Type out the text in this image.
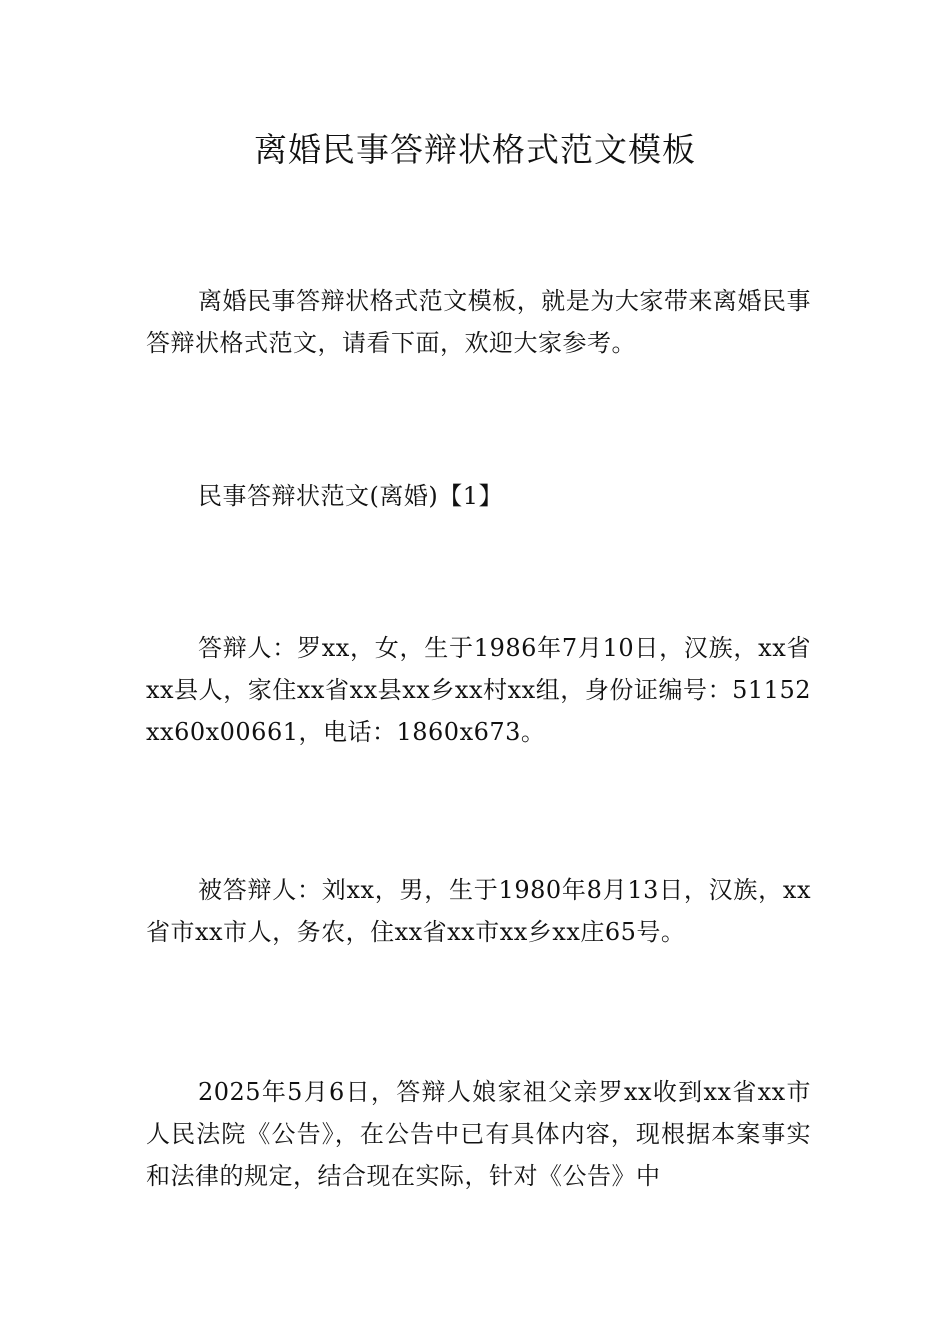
离婚民事答辩状格式范文模板

离婚民事答辩状格式范文模板，就是为大家带来离婚民事答辩状格式范文，请看下面，欢迎大家参考。

民事答辩状范文(离婚)【1】

答辩人：罗xx，女，生于1986年7月10日，汉族，xx省xx县人，家住xx省xx县xx乡xx村xx组，身份证编号：51152xx60x00661，电话：1860x673。

被答辩人：刘xx，男，生于1980年8月13日，汉族，xx省市xx市人，务农，住xx省xx市xx乡xx庄65号。

2025年5月6日，答辩人娘家祖父亲罗xx收到xx省xx市人民法院《公告》，在公告中已有具体内容，现根据本案事实和法律的规定，结合现在实际，针对《公告》中
